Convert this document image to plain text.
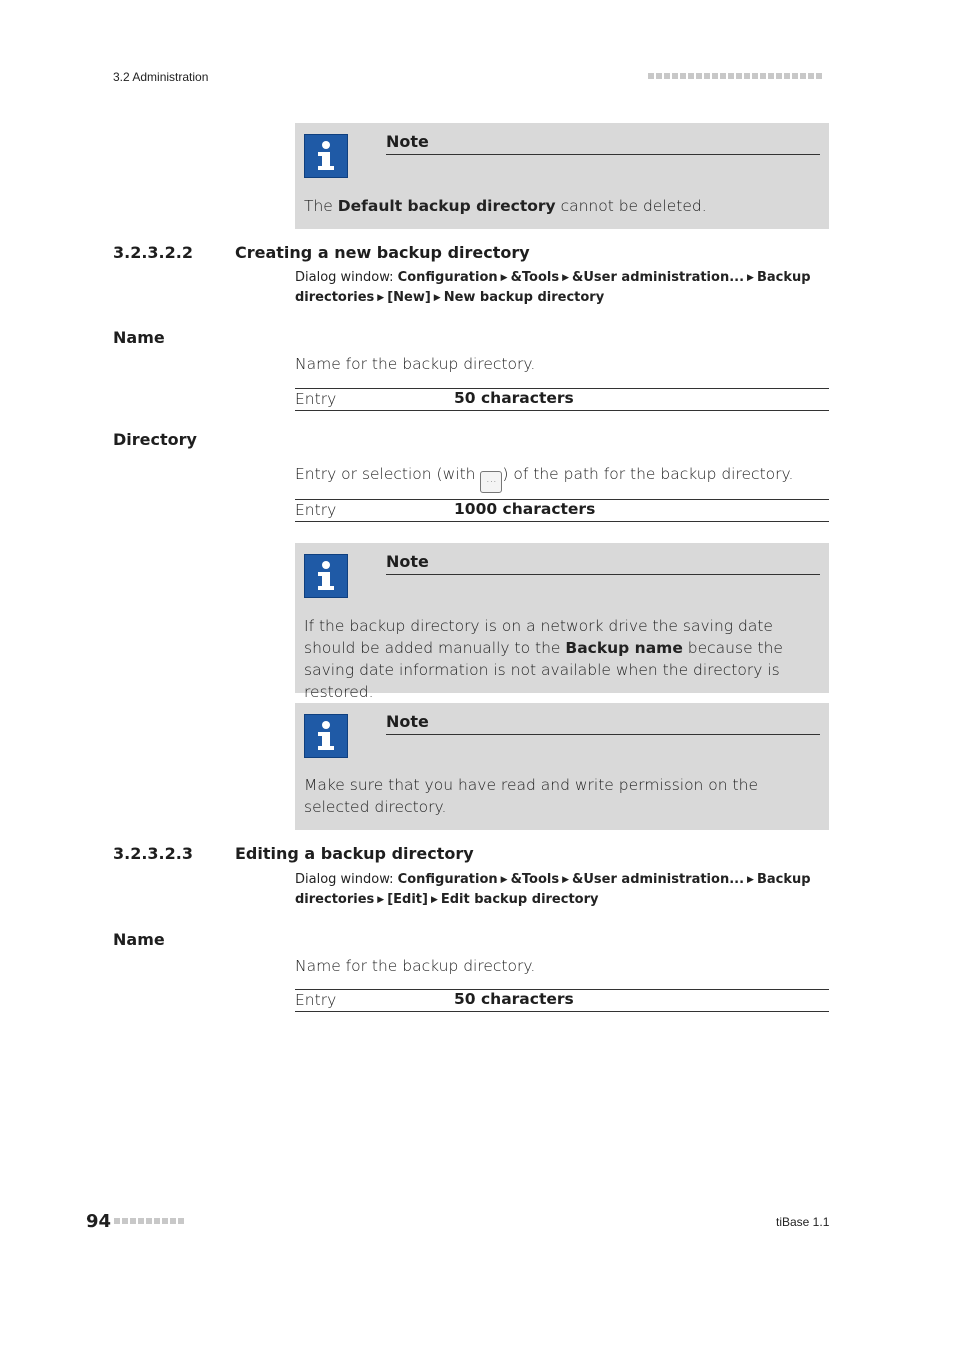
3.2 Administration
Note
The Default backup directory cannot be deleted.
3.2.3.2.2	Creating a new backup directory
Dialog window: Configuration ▶ &Tools ▶ &User administration... ▶ Backup directories ▶ [New] ▶ New backup directory
Name
Name for the backup directory.
Entry	50 characters
Directory
Entry or selection (with ... ) of the path for the backup directory.
Entry	1000 characters
Note
If the backup directory is on a network drive the saving date should be added manually to the Backup name because the saving date information is not available when the directory is restored.
Note
Make sure that you have read and write permission on the selected directory.
3.2.3.2.3	Editing a backup directory
Dialog window: Configuration ▶ &Tools ▶ &User administration... ▶ Backup directories ▶ [Edit] ▶ Edit backup directory
Name
Name for the backup directory.
Entry	50 characters
94	tiBase 1.1
